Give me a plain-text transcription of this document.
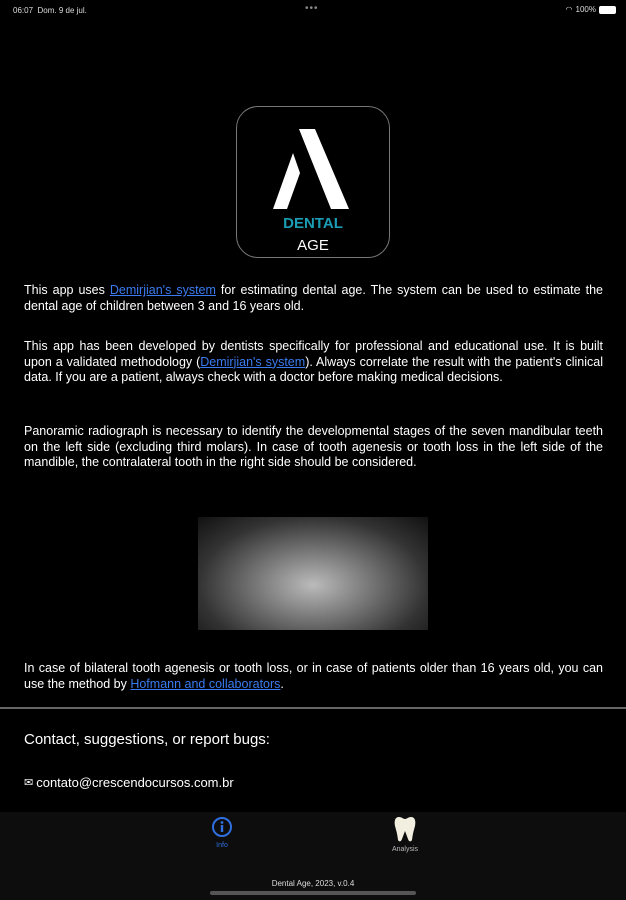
06:07 Dom. 9 de jul.	•••	◠ 100%
DENTAL
AGE

This app uses Demirjian's system for estimating dental age. The system can be used to estimate the dental age of children between 3 and 16 years old.

This app has been developed by dentists specifically for professional and educational use. It is built upon a validated methodology (Demirjian's system). Always correlate the result with the patient's clinical data. If you are a patient, always check with a doctor before making medical decisions.

Panoramic radiograph is necessary to identify the developmental stages of the seven mandibular teeth on the left side (excluding third molars). In case of tooth agenesis or tooth loss in the left side of the mandible, the contralateral tooth in the right side should be considered.

In case of bilateral tooth agenesis or tooth loss, or in case of patients older than 16 years old, you can use the method by Hofmann and collaborators.

Contact, suggestions, or report bugs:
✉ contato@crescendocursos.com.br
Info
Analysis
Dental Age, 2023, v.0.4
